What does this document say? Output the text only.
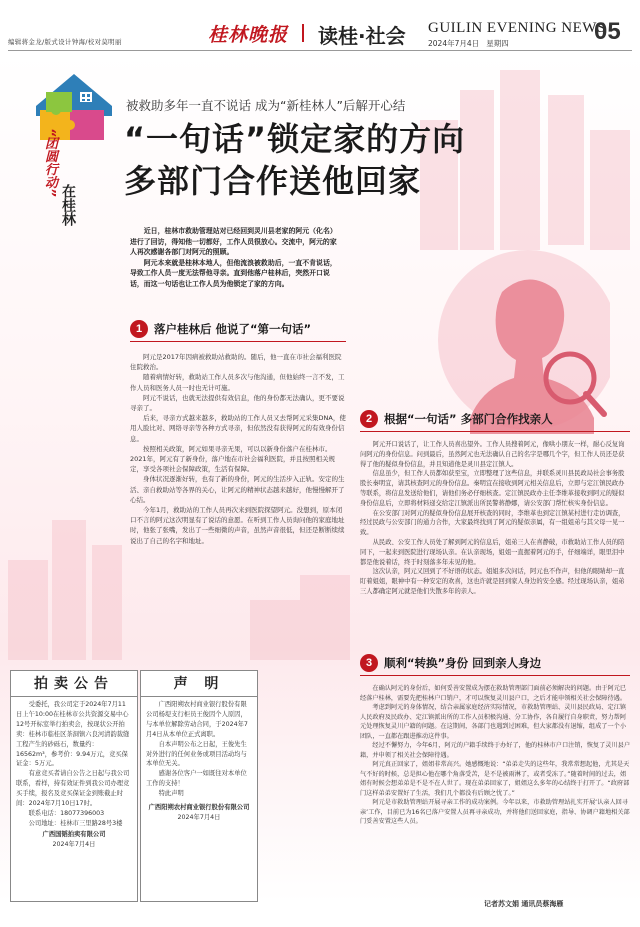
编辑蒋金龙/版式设计钟海/校对莫明丽	桂林晚报	读桂·社会 GUILIN EVENING NEWS
2024年7月4日 星期四	05
“团圆行动”
在桂林
被救助多年一直不说话 成为“新桂林人”后解开心结
“一句话”锁定家的方向
多部门合作送他回家

近日，桂林市救助管理站对已经回到灵川县老家的阿元（化名）进行了回访，得知他一切都好，工作人员很放心。交流中，阿元的家人再次感谢各部门对阿元的照顾。

阿元本来就是桂林本地人，但他流浪被救助后，一直不肯说话，导致工作人员一度无法帮他寻亲。直到他落户桂林后，突然开口说话，而这一句话也让工作人员为他锁定了家的方向。

1	落户桂林后 他说了“第一句话”

阿元是2017年因病被救助站救助的。随后，他一直在市社会福利医院住院救治。

随着病情好转，救助站工作人员多次与他沟通，但他始终一言不发，工作人员和医务人员一时也无计可施。

阿元不说话，也就无法提供有效信息，他的身份都无法确认，更不要说寻亲了。

后来，寻亲方式越来越多，救助站的工作人员又去帮阿元采集DNA，使用人脸比对、网络寻亲等各种方式寻亲，但依然没有获得阿元的有效身份信息。

按照相关政策，阿元如果寻亲无果，可以以新身份落户在桂林市。2021年，阿元有了新身份，落户地在市社会福利医院，并且按照相关规定，享受各项社会保障政策，生活有保障。

身体状况逐渐好转，也有了新的身份，阿元的生活步入正轨。安定的生活、亲自救助站等各界的关心，让阿元的精神状态越来越好，他慢慢解开了心结。

今年1月，救助站的工作人员再次来到医院探望阿元。没想到，原本闭口不言的阿元这次明显有了说话的意愿。在听到工作人员询问他的家庭地址时，他张了张嘴，发出了一些细微的声音，虽然声音很低，但还是断断续续说出了自己的名字和地址。

2	根据“一句话” 多部门合作找亲人

阿元开口说话了，让工作人员喜出望外。工作人员搜着阿元，像哄小朋友一样，耐心反复询问阿元的身份信息。问到最后，虽然阿元也无法确认自己的名字是哪几个字，但工作人员还是获得了他的疑似身份信息，并且知道他是灵川县定江镇人。

信息虽少，但工作人员都如获至宝，立即整理了这些信息，并联系灵川县民政局社会事务股股长秦明宜，请其核查阿元的身份信息。秦明宜在接收到阿元相关信息后，立即与定江镇民政办等联系，将信息发送给他们，请他们务必仔细核查。定江镇民政办主任李维革接收到阿元的疑似身份信息后，立即将材料递交给定江镇派出所民警蒋静娜，请公安部门帮忙核实身份信息。

在公安部门对阿元的疑似身份信息展开核查的同时，李维革也到定江镇某村进行走访调查，经过民政与公安部门的通力合作，大家最终找到了阿元的疑似亲属，有一组姐弟与其父母一见一致。

从民政、公安工作人员处了解到阿元的信息后，姐弟三人在喜静破，市救助站工作人员的陪同下，一起来到医院进行现场认亲。在认亲现场，姐姐一直握着阿元的手，仔细端详，眼里泪中都是他说着话，终于时刻落多年未见的他。

这次认亲，阿元又回到了不好语的状态。姐姐多次问话，阿元也不作声，但他的眼睛却一直盯着姐姐，眼神中有一种安定的欢喜，这也许就是回到家人身边的安全感。经过现场认亲，姐弟三人都确定阿元就是他们失散多年的亲人。

3	顺利“转换”身份 回到亲人身边

在确认阿元的身份后，如何妥善安置成为摆在救助管理部门面前必须解决的问题。由于阿元已经落户桂林，需要先把桂林户口销户，才可以恢复灵川县户口，之后才能申领相关社会保障待遇。

考虑到阿元的身体情况，结合亲属家庭经济实际情况，市救助管理站、灵川县民政局、定江镇人民政府及民政办、定江镇派出所的工作人员积极沟通、分工协作，各自履行自身职责，努力帮阿元处理恢复灵川户籍的问题。在这期间，各部门也遇到过困难，但大家都没有退缩，组成了一个小团队，一直都在跟进推动这件事。

经过不懈努力，今年6月，阿元的户籍手续终于办好了，他的桂林市户口注销，恢复了灵川县户籍，并申领了相关社会保障待遇。

阿元真正回家了，姐姐非常高兴。她感慨地说：“弟弟走失的这些年，我常常想起他，尤其是天气不好的时候，总是担心他在哪个角落受苦，是不是被雨淋了，或者受冻了。”随着时间的过去，姐姐有时候会想弟弟是不是不在人世了。现在弟弟回家了，姐姐这么多年的心结终于打开了。“政府部门这样弟弟安置好了生活，我们几个都没有后顾之忧了。”

阿元是市救助管理站开展寻亲工作的成功案例。今年以来，市救助管理站扎实开展‘认亲人回寻亲’工作，目前已为16名已落户安置人员再寻亲成功，并将他们送回家庭，指导、协调户籍地相关部门妥善安置这些人员。

记者苏文娟 通讯员蔡海雁
拍卖公告

受委托，我公司定于2024年7月11日上午10:00在桂林市公共资源交易中心12号开标室举行拍卖会，按现状公开拍卖：桂林市临桂区茶洞镇六良河清韵裁缝工程产生的砂砾石，数量约：16562m³，参考价：9.94万元，竞买保证金：5万元。

有意竞买者请自公告之日起与我公司联系，看样，持有效证件到我公司办理竞买手续，报名及竞买保证金到账截止时间：2024年7月10日17时。

联系电话：18077396003

公司地址：桂林市三里路28号3楼

广西国韬拍卖有限公司
2024年7月4日
声 明

广西阳朔农村商业银行股份有限公司杨堤支行柜员王俊因个人原因，与本单位解除劳动合同，于2024年7月4日从本单位正式离职。

自本声明公布之日起，王俊先生对外进行的任何业务或项目活动均与本单位无关。

感谢各位客户一如既往对本单位工作的支持！

特此声明

广西阳朔农村商业银行股份有限公司
2024年7月4日
